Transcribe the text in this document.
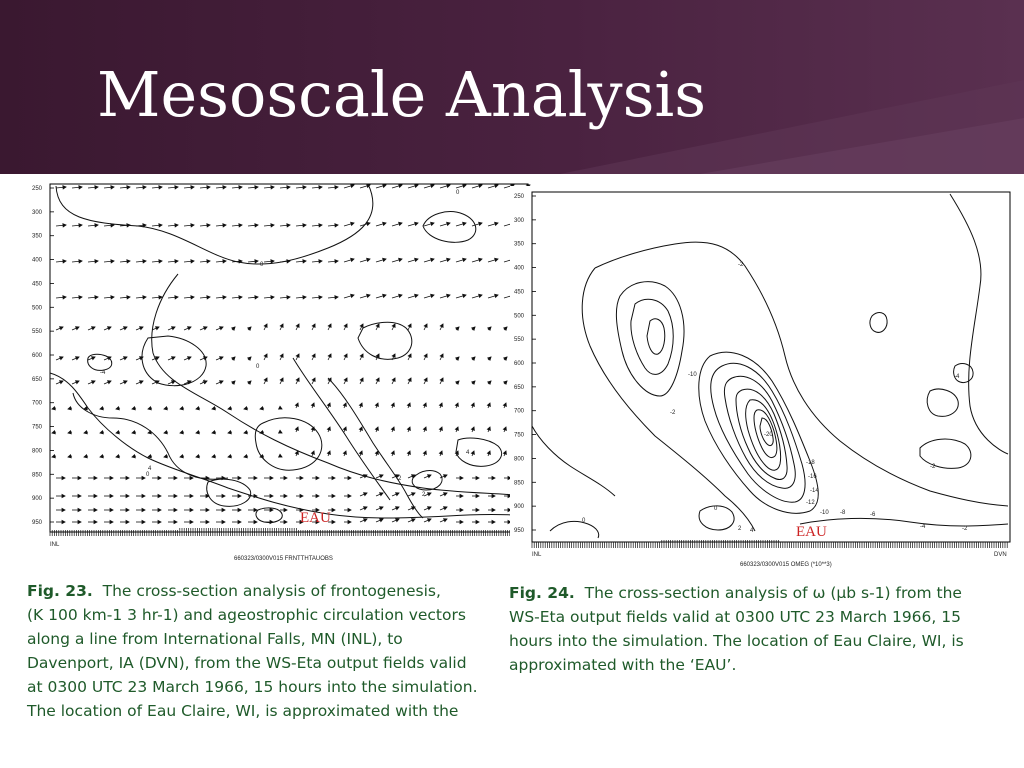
Mesoscale Analysis
250
300
350
400
450
500
550
600
650
700
750
800
850
900
950
0
0
4
-4
4
0
-2
2
0
4
EAU
INL
660323/0300V015 FRNTTHTAUOBS
250
300
350
400
450
500
550
600
650
700
750
800
850
900
950
-2
-10
-2
-20
-18
-16
-14
-12
-10 -8	-6
-4	-2
0
0
2 4
-2
-4
EAU
INL	DVN
660323/0300V015 OMEG (*10**3)
Fig. 23. The cross-section analysis of frontogenesis,
(K 100 km-1 3 hr-1) and ageostrophic circulation vectors
along a line from International Falls, MN (INL), to
Davenport, IA (DVN), from the WS-Eta output fields valid
at 0300 UTC 23 March 1966, 15 hours into the simulation.
The location of Eau Claire, WI, is approximated with the
Fig. 24. The cross-section analysis of ω (µb s-1) from the
WS-Eta output fields valid at 0300 UTC 23 March 1966, 15
hours into the simulation. The location of Eau Claire, WI, is
approximated with the ‘EAU’.
